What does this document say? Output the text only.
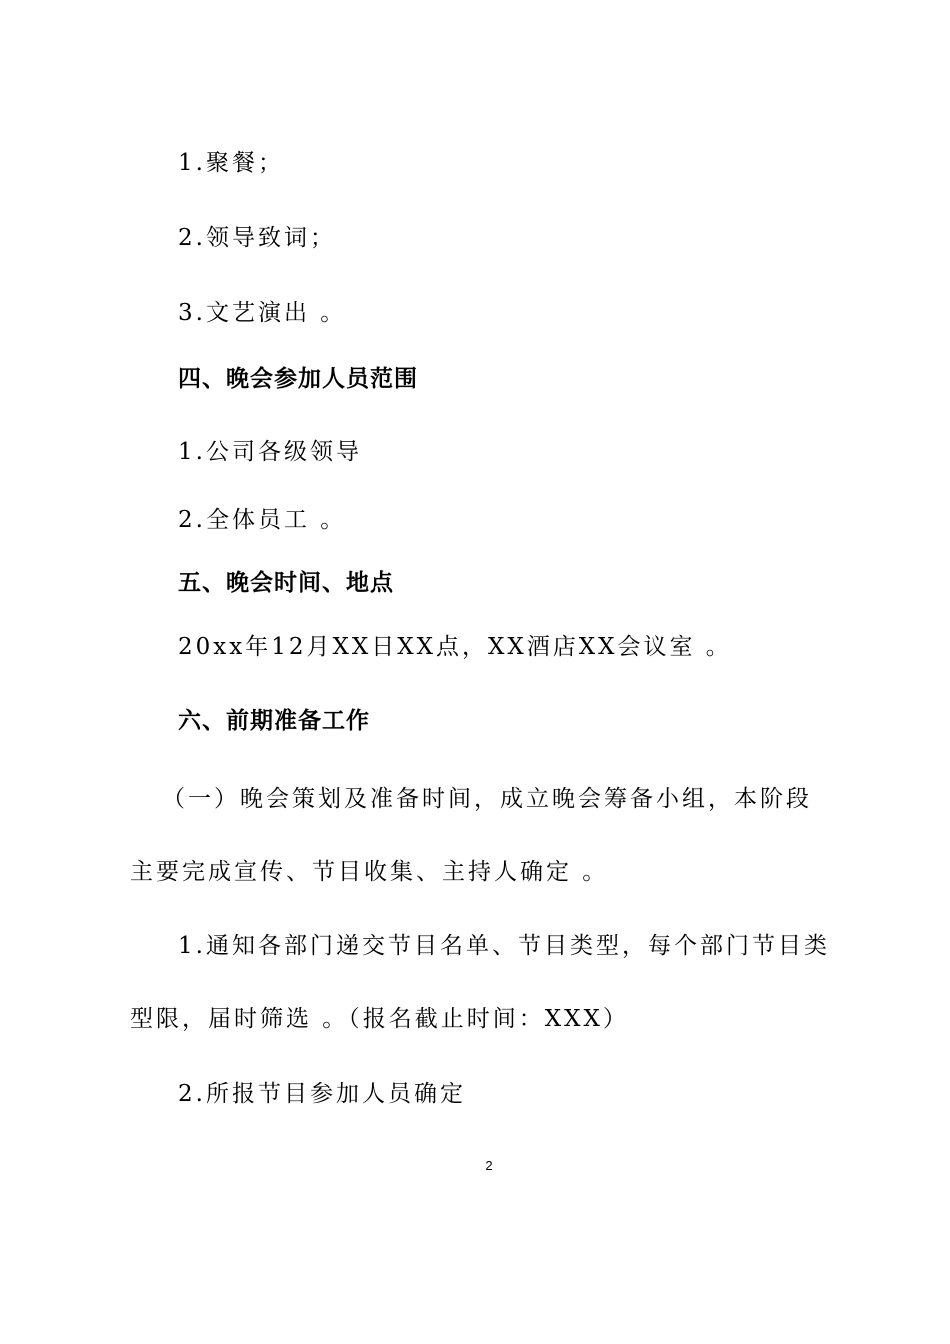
1.聚餐；
2.领导致词；
3.文艺演出 。
四、晚会参加人员范围
1.公司各级领导
2.全体员工 。
五、晚会时间、地点
20xx年12月XX日XX点，XX酒店XX会议室 。
六、前期准备工作
（一）晚会策划及准备时间，成立晚会筹备小组，本阶段
主要完成宣传、节目收集、主持人确定 。
1.通知各部门递交节目名单、节目类型，每个部门节目类
型限，届时筛选 。（报名截止时间：XXX）
2.所报节目参加人员确定
2
